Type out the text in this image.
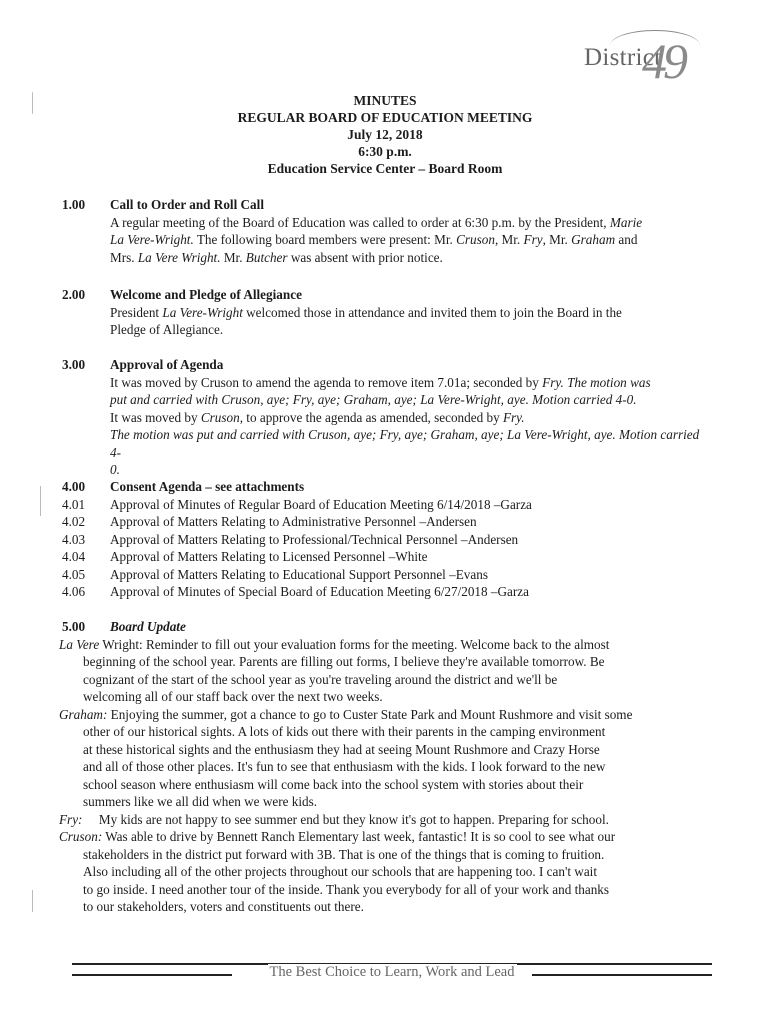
District
49
MINUTES
REGULAR BOARD OF EDUCATION MEETING
July 12, 2018
6:30 p.m.
Education Service Center – Board Room
1.00 Call to Order and Roll Call
A regular meeting of the Board of Education was called to order at 6:30 p.m. by the President, Marie
La Vere-Wright. The following board members were present: Mr. Cruson, Mr. Fry, Mr. Graham and
Mrs. La Vere Wright. Mr. Butcher was absent with prior notice.
2.00 Welcome and Pledge of Allegiance
President La Vere-Wright welcomed those in attendance and invited them to join the Board in the
Pledge of Allegiance.
3.00 Approval of Agenda
It was moved by Cruson to amend the agenda to remove item 7.01a; seconded by Fry. The motion was
put and carried with Cruson, aye; Fry, aye; Graham, aye; La Vere-Wright, aye. Motion carried 4-0.
It was moved by Cruson, to approve the agenda as amended, seconded by Fry.
The motion was put and carried with Cruson, aye; Fry, aye; Graham, aye; La Vere-Wright, aye. Motion carried 4-
0.
4.00 Consent Agenda – see attachments
4.01 Approval of Minutes of Regular Board of Education Meeting 6/14/2018 –Garza
4.02 Approval of Matters Relating to Administrative Personnel –Andersen
4.03 Approval of Matters Relating to Professional/Technical Personnel –Andersen
4.04 Approval of Matters Relating to Licensed Personnel –White
4.05 Approval of Matters Relating to Educational Support Personnel –Evans
4.06 Approval of Minutes of Special Board of Education Meeting 6/27/2018 –Garza
5.00 Board Update
La Vere Wright: Reminder to fill out your evaluation forms for the meeting. Welcome back to the almost
beginning of the school year. Parents are filling out forms, I believe they're available tomorrow. Be
cognizant of the start of the school year as you're traveling around the district and we'll be
welcoming all of our staff back over the next two weeks.
Graham: Enjoying the summer, got a chance to go to Custer State Park and Mount Rushmore and visit some
other of our historical sights. A lots of kids out there with their parents in the camping environment
at these historical sights and the enthusiasm they had at seeing Mount Rushmore and Crazy Horse
and all of those other places. It's fun to see that enthusiasm with the kids. I look forward to the new
school season where enthusiasm will come back into the school system with stories about their
summers like we all did when we were kids.
Fry:     My kids are not happy to see summer end but they know it's got to happen. Preparing for school.
Cruson: Was able to drive by Bennett Ranch Elementary last week, fantastic! It is so cool to see what our
stakeholders in the district put forward with 3B. That is one of the things that is coming to fruition.
Also including all of the other projects throughout our schools that are happening too. I can't wait
to go inside. I need another tour of the inside. Thank you everybody for all of your work and thanks
to our stakeholders, voters and constituents out there.
The Best Choice to Learn, Work and Lead
